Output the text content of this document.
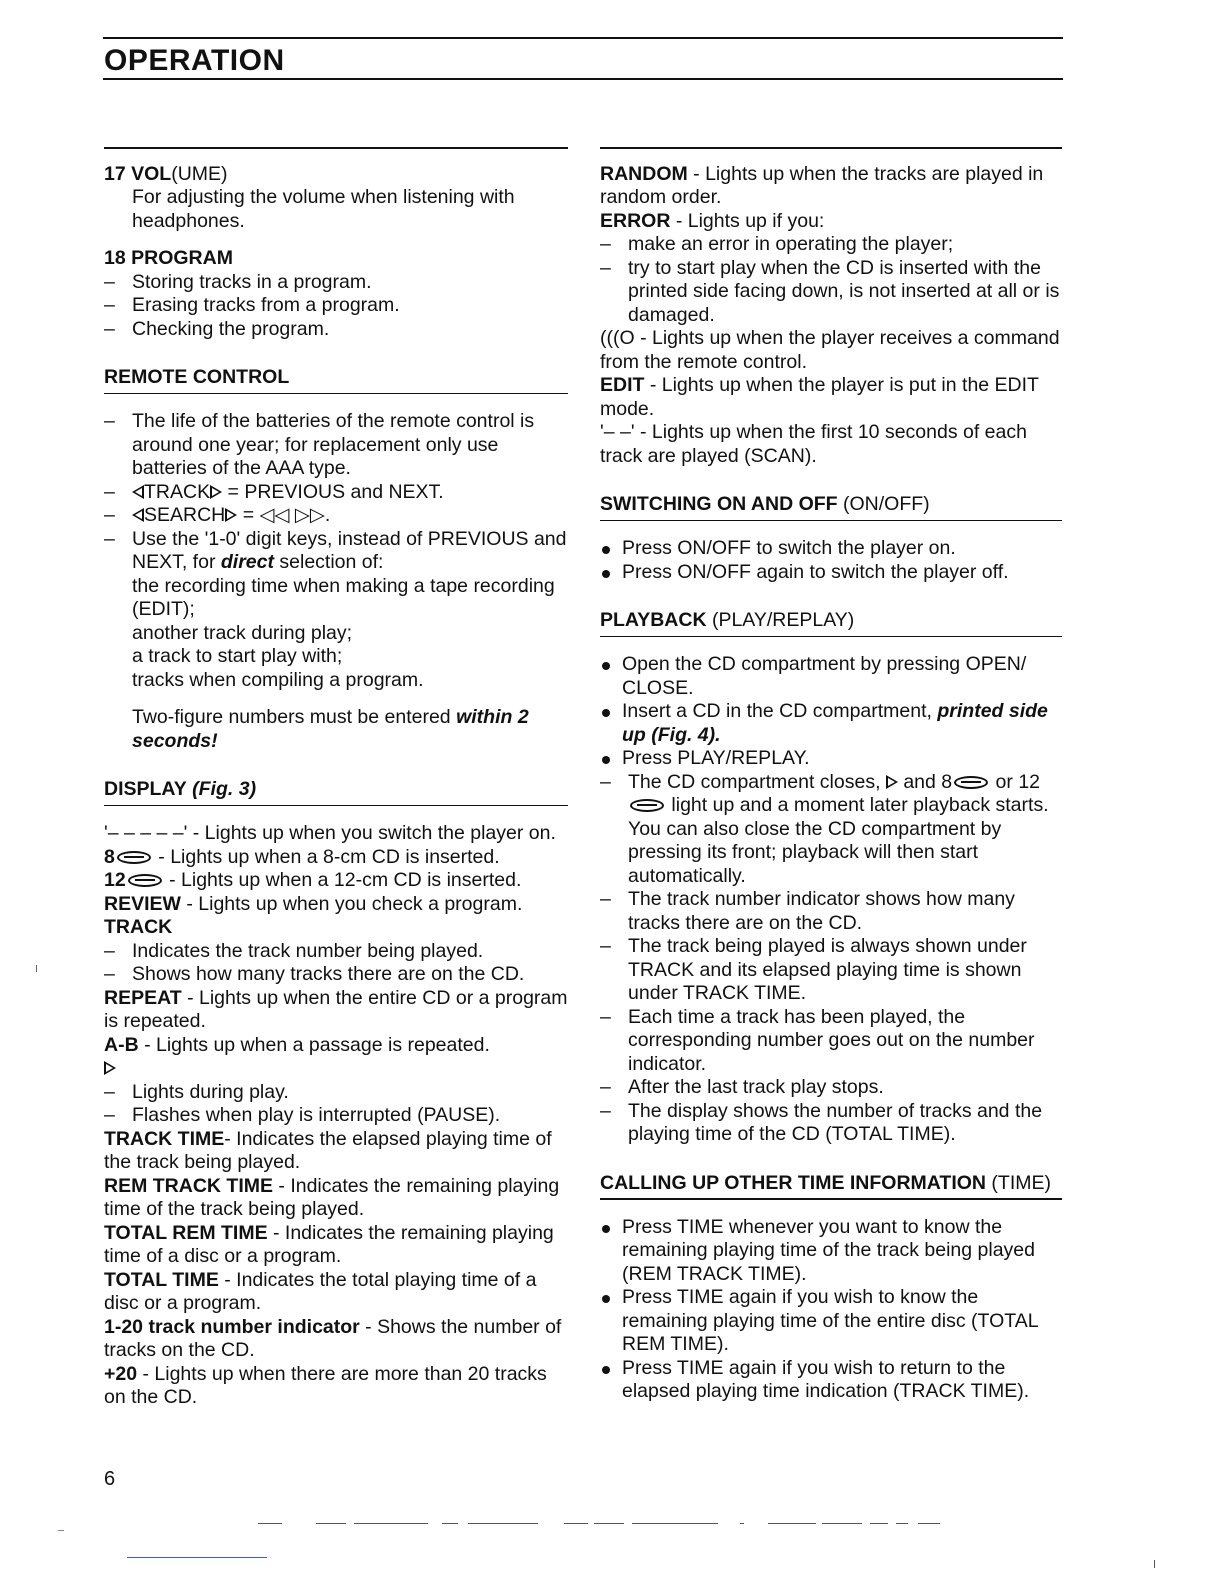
OPERATION

17 VOL(UME)

For adjusting the volume when listening with headphones.

18 PROGRAM

– Storing tracks in a program.

– Erasing tracks from a program.

– Checking the program.

REMOTE CONTROL

– The life of the batteries of the remote control is around one year; for replacement only use batteries of the AAA type.

– TRACK = PREVIOUS and NEXT.

– SEARCH = ◁◁ ▷▷.

– Use the '1-0' digit keys, instead of PREVIOUS and NEXT, for direct selection of:

the recording time when making a tape recording (EDIT);

another track during play;

a track to start play with;

tracks when compiling a program.

Two-figure numbers must be entered within 2 seconds!

DISPLAY (Fig. 3)

'– – – – –' - Lights up when you switch the player on.

8 - Lights up when a 8-cm CD is inserted.

12 - Lights up when a 12-cm CD is inserted.

REVIEW - Lights up when you check a program.

TRACK

– Indicates the track number being played.

– Shows how many tracks there are on the CD.

REPEAT - Lights up when the entire CD or a program is repeated.

A-B - Lights up when a passage is repeated.

– Lights during play.

– Flashes when play is interrupted (PAUSE).

TRACK TIME- Indicates the elapsed playing time of the track being played.

REM TRACK TIME - Indicates the remaining playing time of the track being played.

TOTAL REM TIME - Indicates the remaining playing time of a disc or a program.

TOTAL TIME - Indicates the total playing time of a disc or a program.

1-20 track number indicator - Shows the number of tracks on the CD.

+20 - Lights up when there are more than 20 tracks on the CD.

RANDOM - Lights up when the tracks are played in random order.

ERROR - Lights up if you:

– make an error in operating the player;

– try to start play when the CD is inserted with the printed side facing down, is not inserted at all or is damaged.

(((O - Lights up when the player receives a command from the remote control.

EDIT - Lights up when the player is put in the EDIT mode.

'– –' - Lights up when the first 10 seconds of each track are played (SCAN).

SWITCHING ON AND OFF (ON/OFF)

Press ON/OFF to switch the player on.

Press ON/OFF again to switch the player off.

PLAYBACK (PLAY/REPLAY)

Open the CD compartment by pressing OPEN/ CLOSE.

Insert a CD in the CD compartment, printed side up (Fig. 4).

Press PLAY/REPLAY.

– The CD compartment closes,  and 8 or 12 light up and a moment later playback starts.

You can also close the CD compartment by pressing its front; playback will then start automatically.

– The track number indicator shows how many tracks there are on the CD.

– The track being played is always shown under TRACK and its elapsed playing time is shown under TRACK TIME.

– Each time a track has been played, the corresponding number goes out on the number indicator.

– After the last track play stops.

– The display shows the number of tracks and the playing time of the CD (TOTAL TIME).

CALLING UP OTHER TIME INFORMATION (TIME)

Press TIME whenever you want to know the remaining playing time of the track being played (REM TRACK TIME).

Press TIME again if you wish to know the remaining playing time of the entire disc (TOTAL REM TIME).

Press TIME again if you wish to return to the elapsed playing time indication (TRACK TIME).

6
